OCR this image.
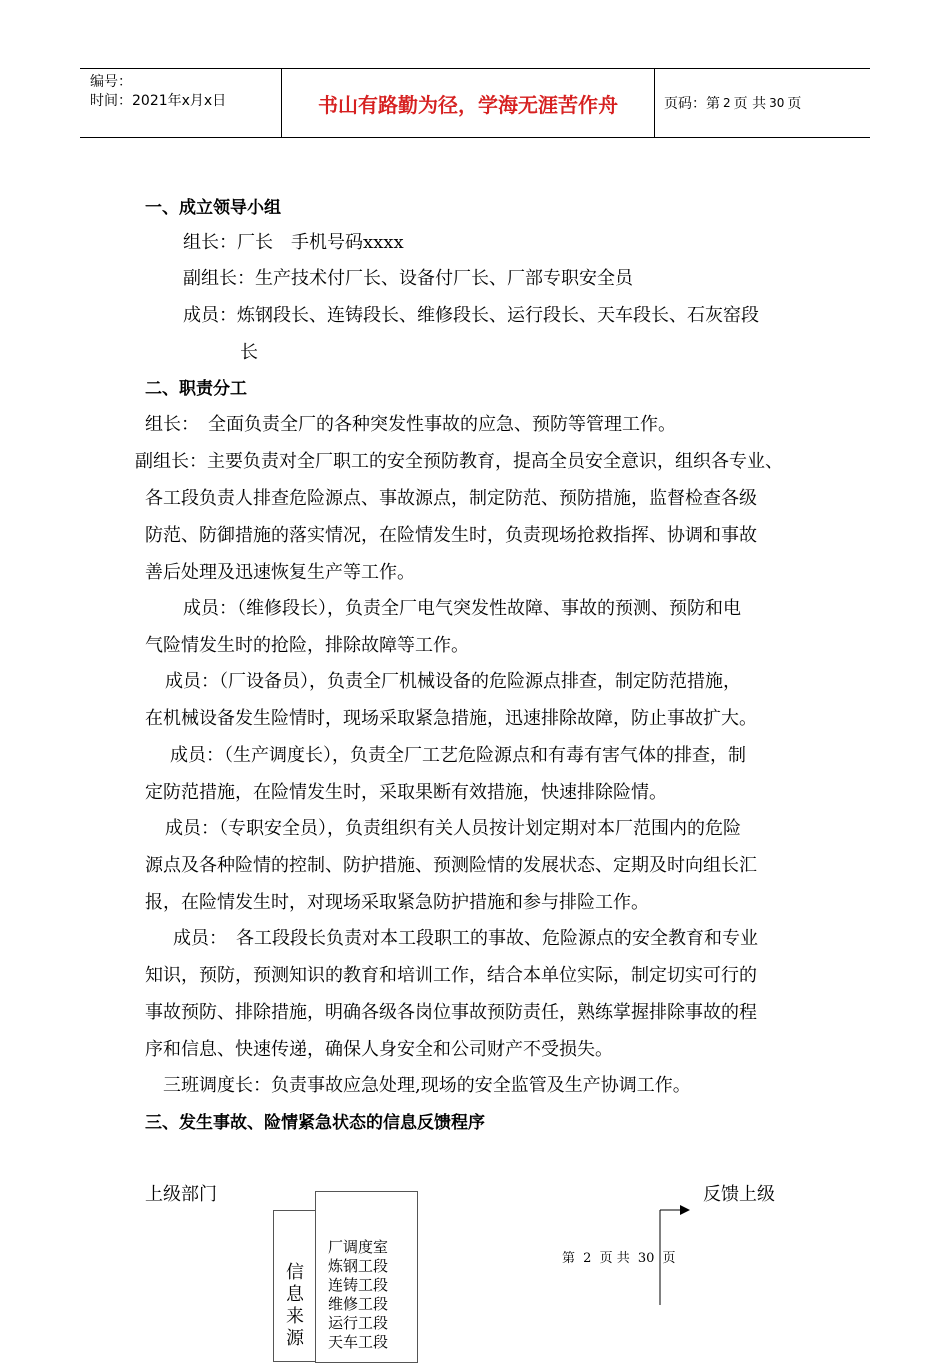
编号：
时间：2021年x月x日	书山有路勤为径，学海无涯苦作舟	页码：第 2 页 共 30 页
一、成立领导小组
组长：厂长　手机号码xxxx
副组长：生产技术付厂长、设备付厂长、厂部专职安全员
成员：炼钢段长、连铸段长、维修段长、运行段长、天车段长、石灰窑段
长
二、职责分工
组长：　全面负责全厂的各种突发性事故的应急、预防等管理工作。
副组长：主要负责对全厂职工的安全预防教育，提高全员安全意识，组织各专业、
各工段负责人排查危险源点、事故源点，制定防范、预防措施，监督检查各级
防范、防御措施的落实情况，在险情发生时，负责现场抢救指挥、协调和事故
善后处理及迅速恢复生产等工作。
成员：（维修段长），负责全厂电气突发性故障、事故的预测、预防和电
气险情发生时的抢险，排除故障等工作。
成员：（厂设备员），负责全厂机械设备的危险源点排查，制定防范措施，
在机械设备发生险情时，现场采取紧急措施，迅速排除故障，防止事故扩大。
成员：（生产调度长），负责全厂工艺危险源点和有毒有害气体的排查，制
定防范措施，在险情发生时，采取果断有效措施，快速排除险情。
成员：（专职安全员），负责组织有关人员按计划定期对本厂范围内的危险
源点及各种险情的控制、防护措施、预测险情的发展状态、定期及时向组长汇
报，在险情发生时，对现场采取紧急防护措施和参与排险工作。
成员：　各工段段长负责对本工段职工的事故、危险源点的安全教育和专业
知识，预防，预测知识的教育和培训工作，结合本单位实际，制定切实可行的
事故预防、排除措施，明确各级各岗位事故预防责任，熟练掌握排除事故的程
序和信息、快速传递，确保人身安全和公司财产不受损失。
三班调度长：负责事故应急处理,现场的安全监管及生产协调工作。
三、发生事故、险情紧急状态的信息反馈程序
上级部门	反馈上级
信
息
来
源
厂调度室
炼钢工段
连铸工段
维修工段
运行工段
天车工段
第 2 页 共 30 页
